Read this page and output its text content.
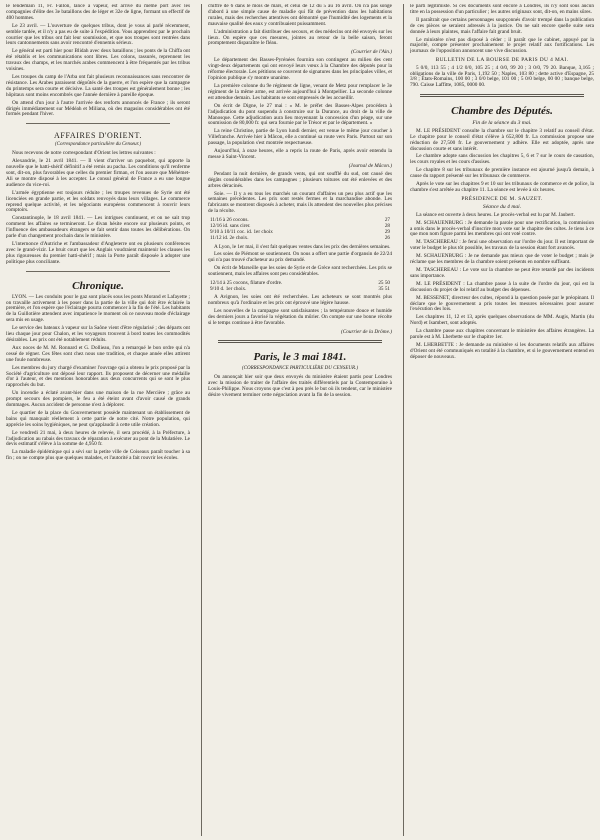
le lendemain 11, Fr. Fallon, lancé à vapeur, est arrivé du même port avec les compagnies d'élite des 3e bataillons des 4e léger et 32e de ligne, formant un effectif de 400 hommes.

Le 23 avril. — L'ouverture de quelques tribus, dont je vous ai parlé récemment, semble tardée, et il n'y a pas eu de suite à l'expédition. Vous apprendrez par le prochain courrier que les tribus ont fait leur soumission, et que nos troupes sont rentrées dans leurs cantonnements sans avoir rencontré d'ennemis sérieux.

Le général est parti hier pour Blidah avec deux bataillons ; les ponts de la Chiffa ont été rétablis et les communications sont libres. Les colons, rassurés, reprennent les travaux des champs, et les marchés arabes commencent à être fréquentés par les tribus voisines.

Les troupes du camp de l'Arba ont fait plusieurs reconnaissances sans rencontrer de résistance. Les Arabes paraissent dégoûtés de la guerre, et l'on espère que la campagne du printemps sera courte et décisive. La santé des troupes est généralement bonne ; les hôpitaux sont moins encombrés que l'année dernière à pareille époque.

On attend d'un jour à l'autre l'arrivée des renforts annoncés de France ; ils seront dirigés immédiatement sur Médéah et Miliana, où des magasins considérables ont été formés pendant l'hiver.

AFFAIRES D'ORIENT.
(Correspondance particulière du Censeur.)

Nous recevons de notre correspondant d'Orient les lettres suivantes :

Alexandrie, le 21 avril 1841. — Il vient d'arriver un paquebot, qui apporte la nouvelle que le hatti-shérif définitif a été remis au pacha. Les conditions qu'il renferme sont, dit-on, plus favorables que celles du premier firman, et l'on assure que Méhémet-Ali se montre disposé à les accepter. Le consul général de France a eu une longue audience du vice-roi.

L'armée égyptienne est toujours réduite ; les troupes revenues de Syrie ont été licenciées en grande partie, et les soldats renvoyés dans leurs villages. Le commerce reprend quelque activité, et les négociants européens commencent à rouvrir leurs comptoirs.

Constantinople, le 18 avril 1841. — Les intrigues continuent, et on ne sait trop comment les affaires se termineront. Le divan hésite encore sur plusieurs points, et l'influence des ambassadeurs étrangers se fait sentir dans toutes les délibérations. On parle d'un changement prochain dans le ministère.

L'internonce d'Autriche et l'ambassadeur d'Angleterre ont eu plusieurs conférences avec le grand-vizir. Le bruit court que les Anglais voudraient maintenir les clauses les plus rigoureuses du premier hatti-shérif ; mais la Porte paraît disposée à adopter une politique plus conciliante.

Chronique.

LYON. — Les conduits pour le gaz sont placés sous les ponts Morand et Lafayette ; on travaille activement à les poser dans la partie de la ville qui doit être éclairée la première, et l'on espère que l'éclairage pourra commencer à la fin de l'été. Les habitants de la Guillotière attendent avec impatience le moment où ce nouveau mode d'éclairage sera mis en usage.

Le service des bateaux à vapeur sur la Saône vient d'être régularisé ; des départs ont lieu chaque jour pour Chalon, et les voyageurs trouvent à bord toutes les commodités désirables. Les prix ont été notablement réduits.

Aux noces de M. M. Ronnard et G. Dollieau, l'on a remarqué le bon ordre qui n'a cessé de régner. Ces fêtes sont chez nous une tradition, et chaque année elles attirent une foule nombreuse.

Les membres du jury chargé d'examiner l'ouvrage qui a obtenu le prix proposé par la Société d'agriculture ont déposé leur rapport. Ils proposent de décerner une médaille d'or à l'auteur, et des mentions honorables aux deux concurrents qui se sont le plus rapprochés du but.

Un incendie a éclaté avant-hier dans une maison de la rue Mercière ; grâce au prompt secours des pompiers, le feu a été éteint avant d'avoir causé de grands dommages. Aucun accident de personne n'est à déplorer.

Le quartier de la place du Gouvernement possède maintenant un établissement de bains qui manquait réellement à cette partie de notre cité. Notre population, qui apprécie les soins hygiéniques, ne peut qu'applaudir à cette utile création.

Le vendredi 21 mai, à deux heures de relevée, il sera procédé, à la Préfecture, à l'adjudication au rabais des travaux de réparation à exécuter au pont de la Mulatière. Le devis estimatif s'élève à la somme de 4,950 fr.

La maladie épidémique qui a sévi sur la petite ville de Coiseaux paraît toucher à sa fin ; on ne compte plus que quelques malades, et l'autorité a fait rouvrir les écoles.

chiffre de 6 dans le mois de mars, et celui de 12 du 5 au 16 avril. On n'a pas songé d'abord à une simple cause de maladie qui fût de prévention dans les habitations rurales, mais des recherches attentives ont démontré que l'humidité des logements et la mauvaise qualité des eaux y contribuaient puissamment.

L'administration a fait distribuer des secours, et des médecins ont été envoyés sur les lieux. On espère que ces mesures, jointes au retour de la belle saison, feront promptement disparaître le fléau.

(Courrier de l'Ain.)

Le département des Basses-Pyrénées fournira son contingent au milieu des cent vingt-deux départements qui ont envoyé leurs vœux à la Chambre des députés pour la réforme électorale. Les pétitions se couvrent de signatures dans les principales villes, et l'opinion publique s'y montre unanime.

La première colonne du 9e régiment de ligne, venant de Metz pour remplacer le 3e régiment de la même arme, est arrivée aujourd'hui à Montpellier. La seconde colonne est attendue demain. Les habitants se sont empressés de les accueillir.

On écrit de Digne, le 27 mai : « M. le préfet des Basses-Alpes procédera à l'adjudication du pont suspendu à construire sur la Durance, au droit de la ville de Manosque. Cette adjudication aura lieu moyennant la concession d'un péage, sur une soumission de 80,000 fr. qui sera fournie par le Trésor et par le département. »

La reine Christine, partie de Lyon lundi dernier, est venue le même jour coucher à Villefranche. Arrivée hier à Mâcon, elle a continué sa route vers Paris. Partout sur son passage, la population s'est montrée respectueuse.

Aujourd'hui, à onze heures, elle a repris la route de Paris, après avoir entendu la messe à Saint-Vincent.

(Journal de Mâcon.)

Pendant la nuit dernière, de grands vents, qui ont soufflé du sud, ont causé des dégâts considérables dans les campagnes ; plusieurs toitures ont été enlevées et des arbres déracinés.

Soie. — Il y a eu tous les marchés un courant d'affaires un peu plus actif que les semaines précédentes. Les prix sont restés fermes et la marchandise abonde. Les fabricants se montrent disposés à acheter, mais ils attendent des nouvelles plus précises de la récolte.

11/16 à 26 cocons.	27
12/16 id. sans cirer.	28
9/10 à 10/11 coc. id. 1er choix	29
11/12 id. 2e choix.	26

A Lyon, le 1er mai, il s'est fait quelques ventes dans les prix des dernières semaines.

Les soies de Piémont se soutiennent. On nous a offert une partie d'organsin de 22/24 qui n'a pas trouvé d'acheteur au prix demandé.

On écrit de Marseille que les soies de Syrie et de Grèce sont recherchées. Les prix se soutiennent, mais les affaires sont peu considérables.

12/14 à 25 cocons, filature d'ordre.	25 50
9/10 d. 1er choix.	35 51

A Avignon, les soies ont été recherchées. Les acheteurs se sont montrés plus nombreux qu'à l'ordinaire et les prix ont éprouvé une légère hausse.

Les nouvelles de la campagne sont satisfaisantes ; la température douce et humide des derniers jours a favorisé la végétation du mûrier. On compte sur une bonne récolte si le temps continue à être favorable.

(Courrier de la Drôme.)
Paris, le 3 mai 1841.
(CORRESPONDANCE PARTICULIÈRE DU CENSEUR.)

On annonçait hier soir que deux envoyés du ministère étaient partis pour Londres avec la mission de traiter de l'affaire des traités différentiels par la Contemporaine à Louis-Philippe. Nous croyons que c'est à peu près le but où ils tendent, car le ministère désire vivement terminer cette négociation avant la fin de la session.

le parti légitimiste. Si ces documents sont encore à Londres, ils n'y sont sous aucun titre en la possession d'un particulier ; les autres originaux sont, dit-on, en mains sûres.

Il paraîtrait que certains personnages soupçonnés d'avoir trempé dans la publication de ces pièces se seraient adressés à la justice. On ne sait encore quelle suite sera donnée à leurs plaintes, mais l'affaire fait grand bruit.

Le ministère n'est pas disposé à céder ; il paraît que le cabinet, appuyé par la majorité, compte présenter prochainement le projet relatif aux fortifications. Les journaux de l'opposition annoncent une vive discussion.

BULLETIN DE LA BOURSE DE PARIS DU 4 MAI.

5 0/0, 113 55 ; 4 1/2 0/0, 105 25 ; 4 0/0, 99 20 ; 3 0/0, 79 20. Banque, 3,165 ; obligations de la ville de Paris, 1,192 50 ; Naples, 103 80 ; dette active d'Espagne, 25 3/8 ; États-Romains, 100 00 ; 3 0/0 belge, 101 00 ; 5 0/0 belge, 00 00 ; banque belge, 790. Caisse Laffitte, 1085, 0000 00.

Chambre des Députés.
Fin de la séance du 3 mai.

M. LE PRÉSIDENT consulte la chambre sur le chapitre 3 relatif au conseil d'état. Le chapitre pour le conseil d'état s'élève à 652,800 fr. La commission propose une réduction de 27,500 fr. Le gouvernement y adhère. Elle est adoptée, après une discussion courte et sans intérêt.

Le chambre adopte sans discussion les chapitres 5, 6 et 7 sur le cours de cassation, les cours royales et les cours d'assises.

Le chapitre 8 sur les tribunaux de première instance est ajourné jusqu'à demain, à cause du rapport présenté sur les tribunaux de commerce.

Après le vote sur les chapitres 9 et 10 sur les tribunaux de commerce et de police, la chambre s'est arrêtée au chapitre 11. La séance est levée à six heures.

PRÉSIDENCE DE M. SAUZET.
Séance du 4 mai.

La séance est ouverte à deux heures. Le procès-verbal est lu par M. Jaubert.

M. SCHAUENBURG : Je demande la parole pour une rectification, la commission a omis dans le procès-verbal d'inscrire mon vote sur le chapitre des cultes. Je tiens à ce que mon nom figure parmi les membres qui ont voté contre.

M. TASCHEREAU : Je ferai une observation sur l'ordre du jour. Il est important de voter le budget le plus tôt possible, les travaux de la session étant fort avancés.

M. SCHAUENBURG : Je ne demande pas mieux que de voter le budget ; mais je réclame que les membres de la chambre soient présents en nombre suffisant.

M. TASCHEREAU : Le vote sur la chambre ne peut être retardé par des incidents sans importance.

M. LE PRÉSIDENT : La chambre passe à la suite de l'ordre du jour, qui est la discussion du projet de loi relatif au budget des dépenses.

M. BESSENET, directeur des cultes, répond à la question posée par le préopinant. Il déclare que le gouvernement a pris toutes les mesures nécessaires pour assurer l'exécution des lois.

Les chapitres 11, 12 et 13, après quelques observations de MM. Augis, Martin (du Nord) et Isambert, sont adoptés.

La chambre passe aux chapitres concernant le ministère des affaires étrangères. La parole est à M. Lherbette sur le chapitre 1er.

M. LHERBETTE : Je demande au ministère si les documents relatifs aux affaires d'Orient ont été communiqués en totalité à la chambre, et si le gouvernement entend en déposer de nouveaux.
